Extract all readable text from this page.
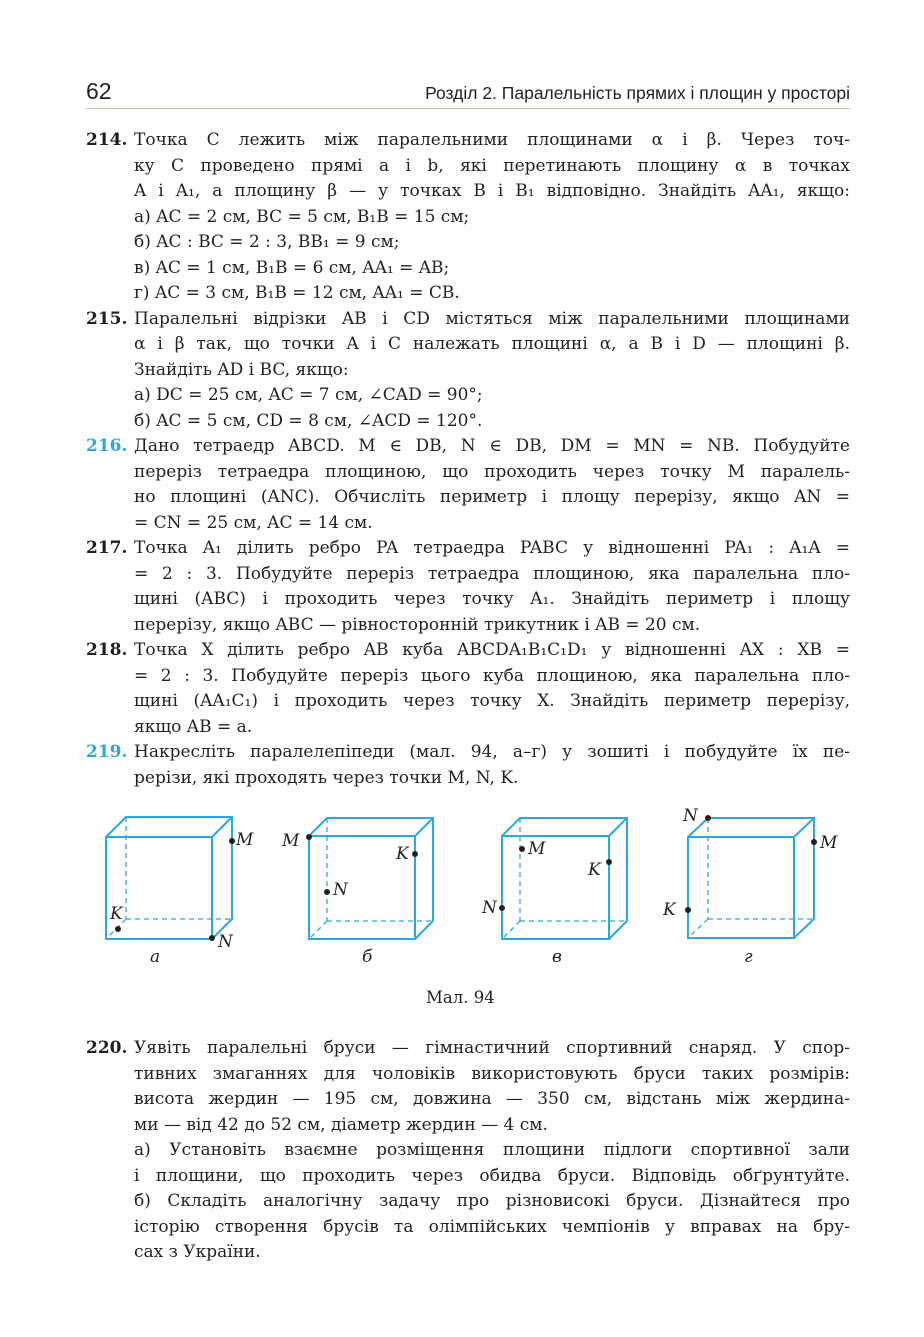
62	Розділ 2. Паралельність прямих і площин у просторі
214. Точка C лежить між паралельними площинами α і β. Через точ-
ку C проведено прямі a і b, які перетинають площину α в точках
A і A₁, а площину β — у точках B і B₁ відповідно. Знайдіть AA₁, якщо:
а) AC = 2 см, BC = 5 см, B₁B = 15 см;
б) AC : BC = 2 : 3, BB₁ = 9 см;
в) AC = 1 см, B₁B = 6 см, AA₁ = AB;
г) AC = 3 см, B₁B = 12 см, AA₁ = CB.
215. Паралельні відрізки AB і CD містяться між паралельними площинами
α і β так, що точки A і C належать площині α, а B і D — площині β.
Знайдіть AD і BC, якщо:
а) DC = 25 см, AC = 7 см, ∠CAD = 90°;
б) AC = 5 см, CD = 8 см, ∠ACD = 120°.
216. Дано тетраедр ABCD. M ∈ DB, N ∈ DB, DM = MN = NB. Побудуйте
переріз тетраедра площиною, що проходить через точку M паралель-
но площині (ANC). Обчисліть периметр і площу перерізу, якщо AN =
= CN = 25 см, AC = 14 см.
217. Точка A₁ ділить ребро PA тетраедра PABC у відношенні PA₁ : A₁A =
= 2 : 3. Побудуйте переріз тетраедра площиною, яка паралельна пло-
щині (ABC) і проходить через точку A₁. Знайдіть периметр і площу
перерізу, якщо ABC — рівносторонній трикутник і AB = 20 см.
218. Точка X ділить ребро AB куба ABCDA₁B₁C₁D₁ у відношенні AX : XB =
= 2 : 3. Побудуйте переріз цього куба площиною, яка паралельна пло-
щині (AA₁C₁) і проходить через точку X. Знайдіть периметр перерізу,
якщо AB = a.
219. Накресліть паралелепіпеди (мал. 94, а–г) у зошиті і побудуйте їх пе-
рерізи, які проходять через точки M, N, K.
M
K
N
а
M
K
N
б
M
K
N
в
N
M
K
г
Мал. 94
220. Уявіть паралельні бруси — гімнастичний спортивний снаряд. У спор-
тивних змаганнях для чоловіків використовують бруси таких розмірів:
висота жердин — 195 см, довжина — 350 см, відстань між жердина-
ми — від 42 до 52 см, діаметр жердин — 4 см.
а) Установіть взаємне розміщення площини підлоги спортивної зали
і площини, що проходить через обидва бруси. Відповідь обґрунтуйте.
б) Складіть аналогічну задачу про різновисокі бруси. Дізнайтеся про
історію створення брусів та олімпійських чемпіонів у вправах на бру-
сах з України.
